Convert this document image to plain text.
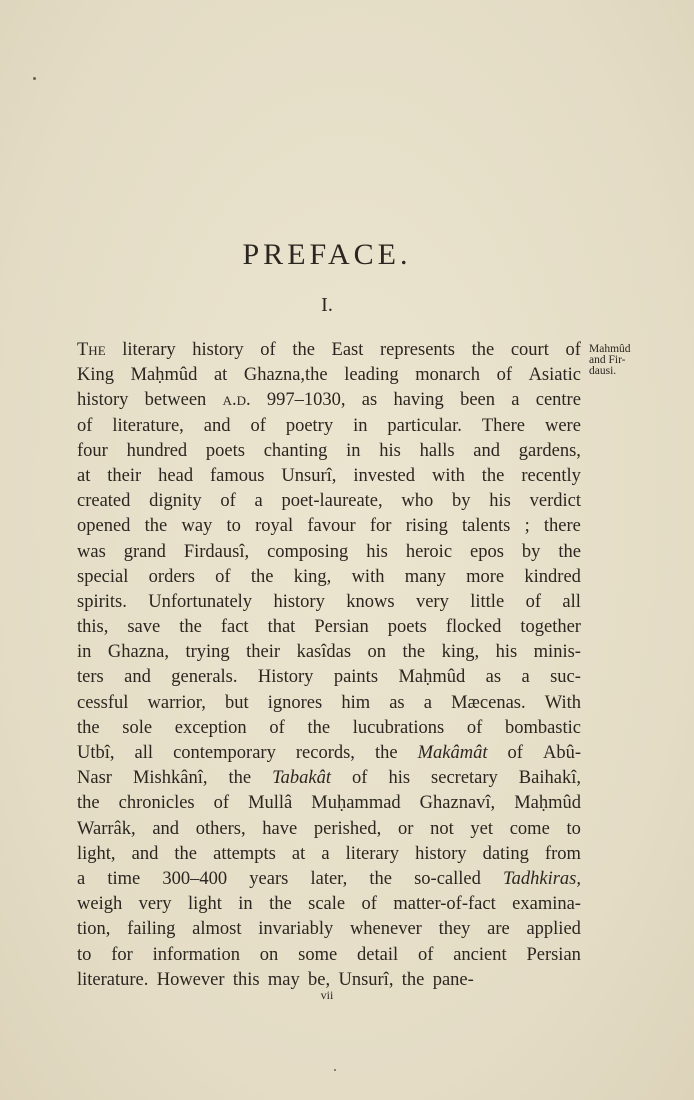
PREFACE.
I.
The literary history of the East represents the court of
King Maḥmûd at Ghazna,the leading monarch of Asiatic
history between a.d. 997–1030, as having been a centre
of literature, and of poetry in particular. There were
four hundred poets chanting in his halls and gardens,
at their head famous Unsurî, invested with the recently
created dignity of a poet-laureate, who by his verdict
opened the way to royal favour for rising talents ; there
was grand Firdausî, composing his heroic epos by the
special orders of the king, with many more kindred
spirits. Unfortunately history knows very little of all
this, save the fact that Persian poets flocked together
in Ghazna, trying their kasîdas on the king, his minis-
ters and generals. History paints Maḥmûd as a suc-
cessful warrior, but ignores him as a Mæcenas. With
the sole exception of the lucubrations of bombastic
Utbî, all contemporary records, the Makâmât of Abû-
Nasr Mishkânî, the Tabakât of his secretary Baihakî,
the chronicles of Mullâ Muḥammad Ghaznavî, Maḥmûd
Warrâk, and others, have perished, or not yet come to
light, and the attempts at a literary history dating from
a time 300–400 years later, the so-called Tadhkiras,
weigh very light in the scale of matter-of-fact examina-
tion, failing almost invariably whenever they are applied
to for information on some detail of ancient Persian
literature. However this may be, Unsurî, the pane-
Mahmûd
and Fir-
dausi.
vii
